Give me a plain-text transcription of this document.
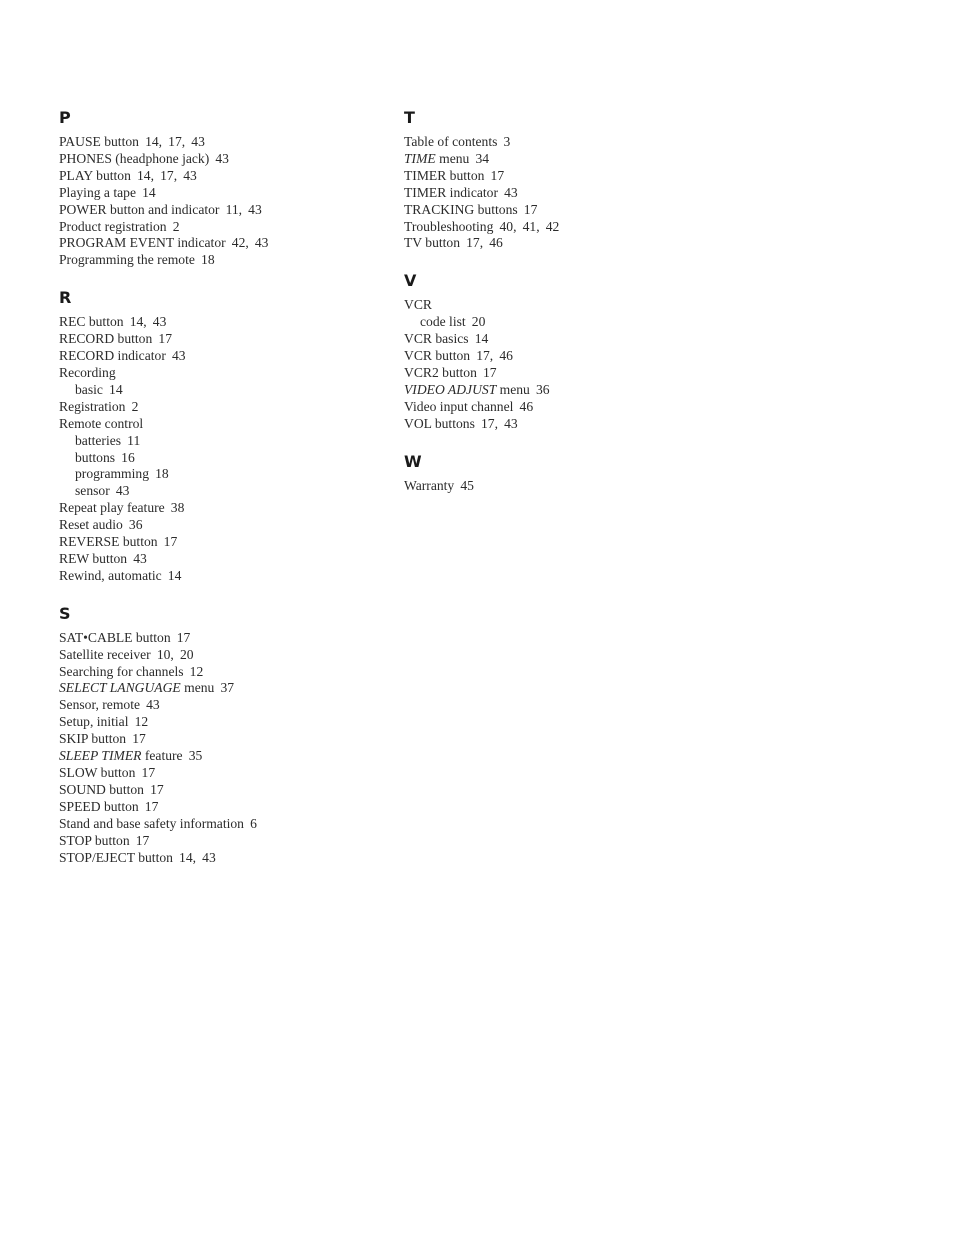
P
PAUSE button 14, 17, 43
PHONES (headphone jack) 43
PLAY button 14, 17, 43
Playing a tape 14
POWER button and indicator 11, 43
Product registration 2
PROGRAM EVENT indicator 42, 43
Programming the remote 18
R
REC button 14, 43
RECORD button 17
RECORD indicator 43
Recording
basic 14
Registration 2
Remote control
batteries 11
buttons 16
programming 18
sensor 43
Repeat play feature 38
Reset audio 36
REVERSE button 17
REW button 43
Rewind, automatic 14
S
SAT•CABLE button 17
Satellite receiver 10, 20
Searching for channels 12
SELECT LANGUAGE menu 37
Sensor, remote 43
Setup, initial 12
SKIP button 17
SLEEP TIMER feature 35
SLOW button 17
SOUND button 17
SPEED button 17
Stand and base safety information 6
STOP button 17
STOP/EJECT button 14, 43
T
Table of contents 3
TIME menu 34
TIMER button 17
TIMER indicator 43
TRACKING buttons 17
Troubleshooting 40, 41, 42
TV button 17, 46
V
VCR
code list 20
VCR basics 14
VCR button 17, 46
VCR2 button 17
VIDEO ADJUST menu 36
Video input channel 46
VOL buttons 17, 43
W
Warranty 45
